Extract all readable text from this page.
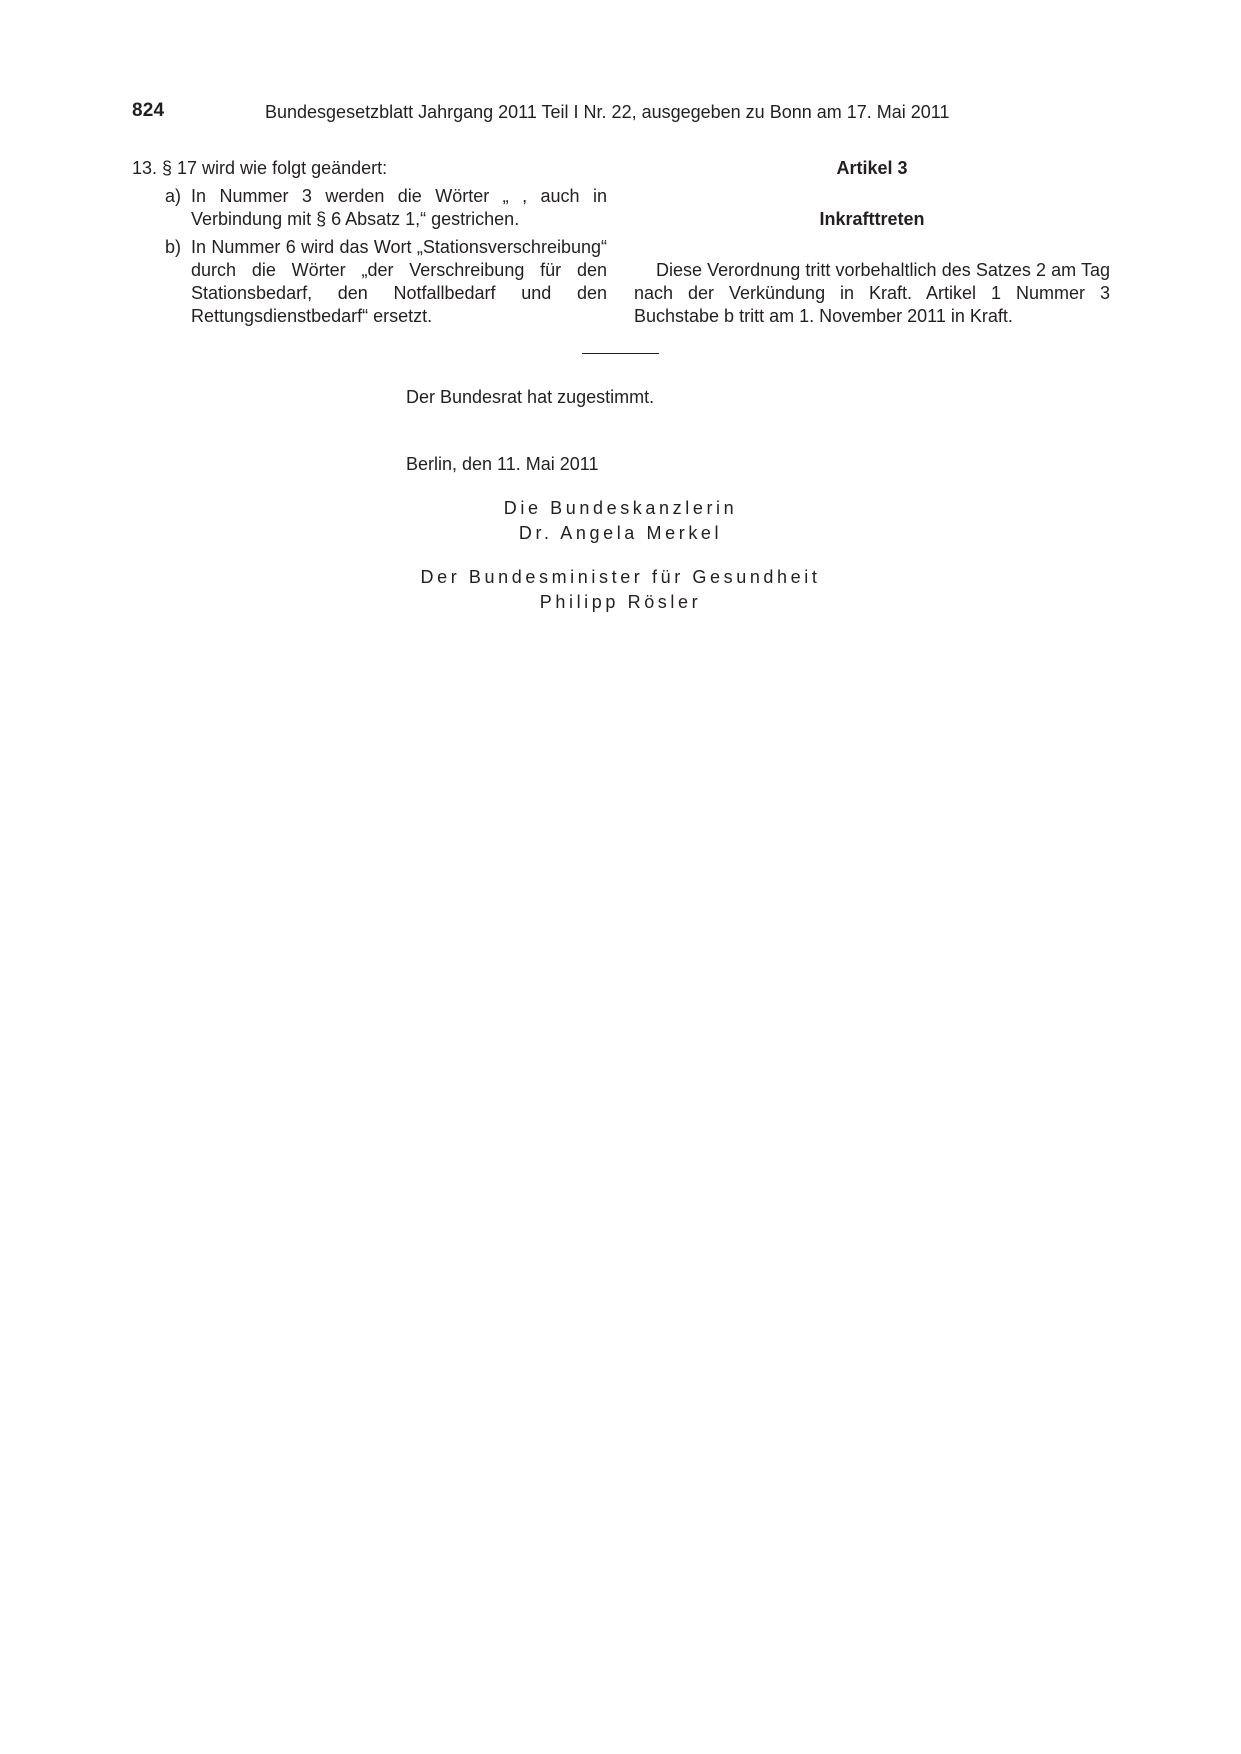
824	Bundesgesetzblatt Jahrgang 2011 Teil I Nr. 22, ausgegeben zu Bonn am 17. Mai 2011

13. § 17 wird wie folgt geändert:

a) In Nummer 3 werden die Wörter „ , auch in Verbindung mit § 6 Absatz 1,“ gestrichen.
b) In Nummer 6 wird das Wort „Stationsverschreibung“ durch die Wörter „der Verschreibung für den Stationsbedarf, den Notfallbedarf und den Rettungsdienstbedarf“ ersetzt.

Artikel 3

Inkrafttreten

Diese Verordnung tritt vorbehaltlich des Satzes 2 am Tag nach der Verkündung in Kraft. Artikel 1 Nummer 3 Buchstabe b tritt am 1. November 2011 in Kraft.

Der Bundesrat hat zugestimmt.
Berlin, den 11. Mai 2011
Die Bundeskanzlerin
Dr. Angela Merkel
Der Bundesminister für Gesundheit
Philipp Rösler
